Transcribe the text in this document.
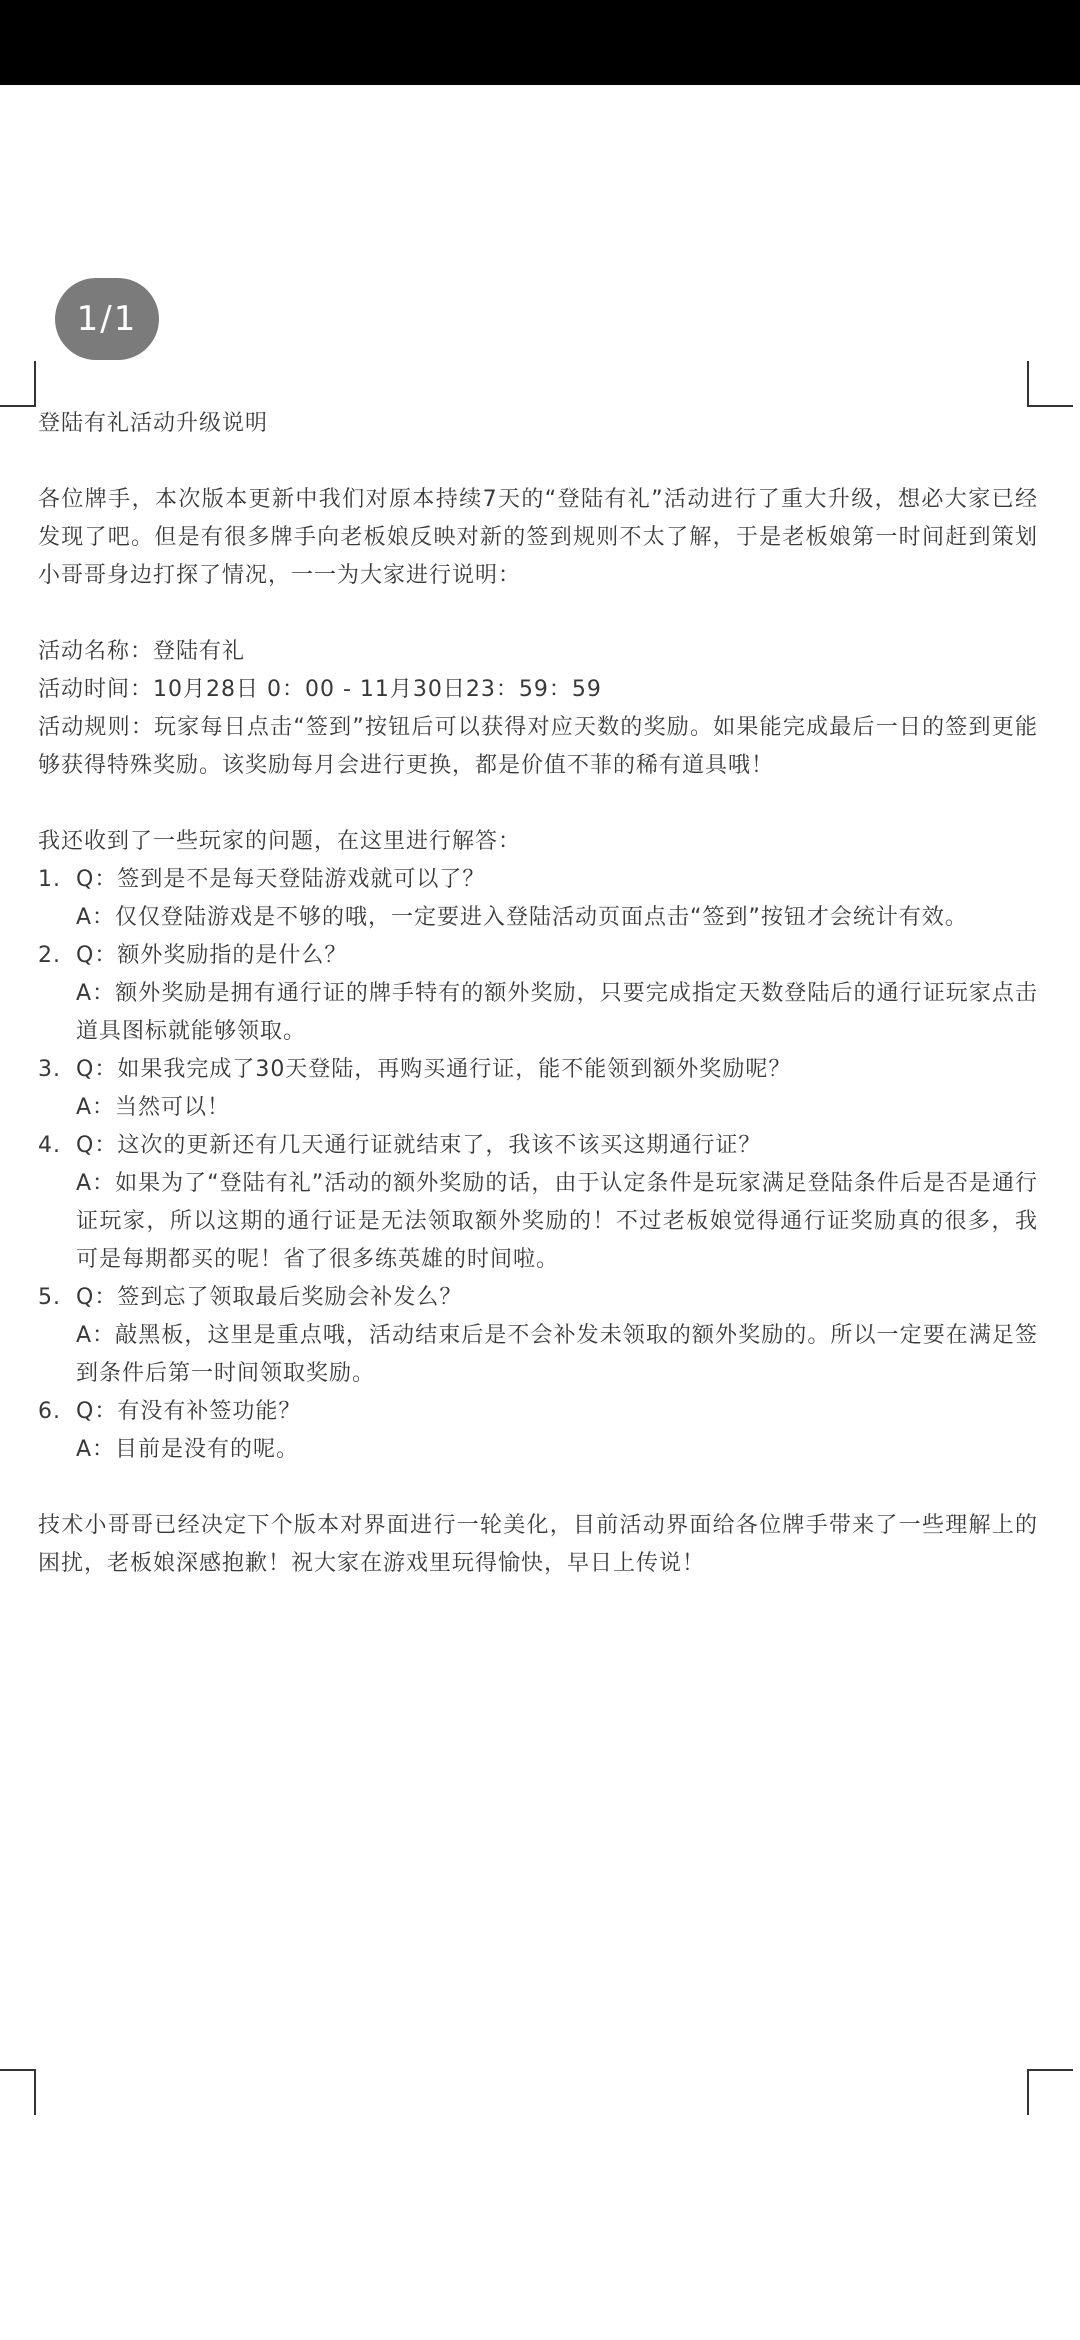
1/1

登陆有礼活动升级说明

各位牌手，本次版本更新中我们对原本持续7天的“登陆有礼”活动进行了重大升级，想必大家已经发现了吧。但是有很多牌手向老板娘反映对新的签到规则不太了解，于是老板娘第一时间赶到策划小哥哥身边打探了情况，一一为大家进行说明：

活动名称：登陆有礼

活动时间：10月28日 0：00 - 11月30日23：59：59

活动规则：玩家每日点击“签到”按钮后可以获得对应天数的奖励。如果能完成最后一日的签到更能够获得特殊奖励。该奖励每月会进行更换，都是价值不菲的稀有道具哦！

我还收到了一些玩家的问题，在这里进行解答：

1. Q：签到是不是每天登陆游戏就可以了？

A：仅仅登陆游戏是不够的哦，一定要进入登陆活动页面点击“签到”按钮才会统计有效。

2. Q：额外奖励指的是什么？

A：额外奖励是拥有通行证的牌手特有的额外奖励，只要完成指定天数登陆后的通行证玩家点击道具图标就能够领取。

3. Q：如果我完成了30天登陆，再购买通行证，能不能领到额外奖励呢？

A：当然可以！

4. Q：这次的更新还有几天通行证就结束了，我该不该买这期通行证？

A：如果为了“登陆有礼”活动的额外奖励的话，由于认定条件是玩家满足登陆条件后是否是通行证玩家，所以这期的通行证是无法领取额外奖励的！不过老板娘觉得通行证奖励真的很多，我可是每期都买的呢！省了很多练英雄的时间啦。

5. Q：签到忘了领取最后奖励会补发么？

A：敲黑板，这里是重点哦，活动结束后是不会补发未领取的额外奖励的。所以一定要在满足签到条件后第一时间领取奖励。

6. Q：有没有补签功能？

A：目前是没有的呢。

技术小哥哥已经决定下个版本对界面进行一轮美化，目前活动界面给各位牌手带来了一些理解上的困扰，老板娘深感抱歉！祝大家在游戏里玩得愉快，早日上传说！
